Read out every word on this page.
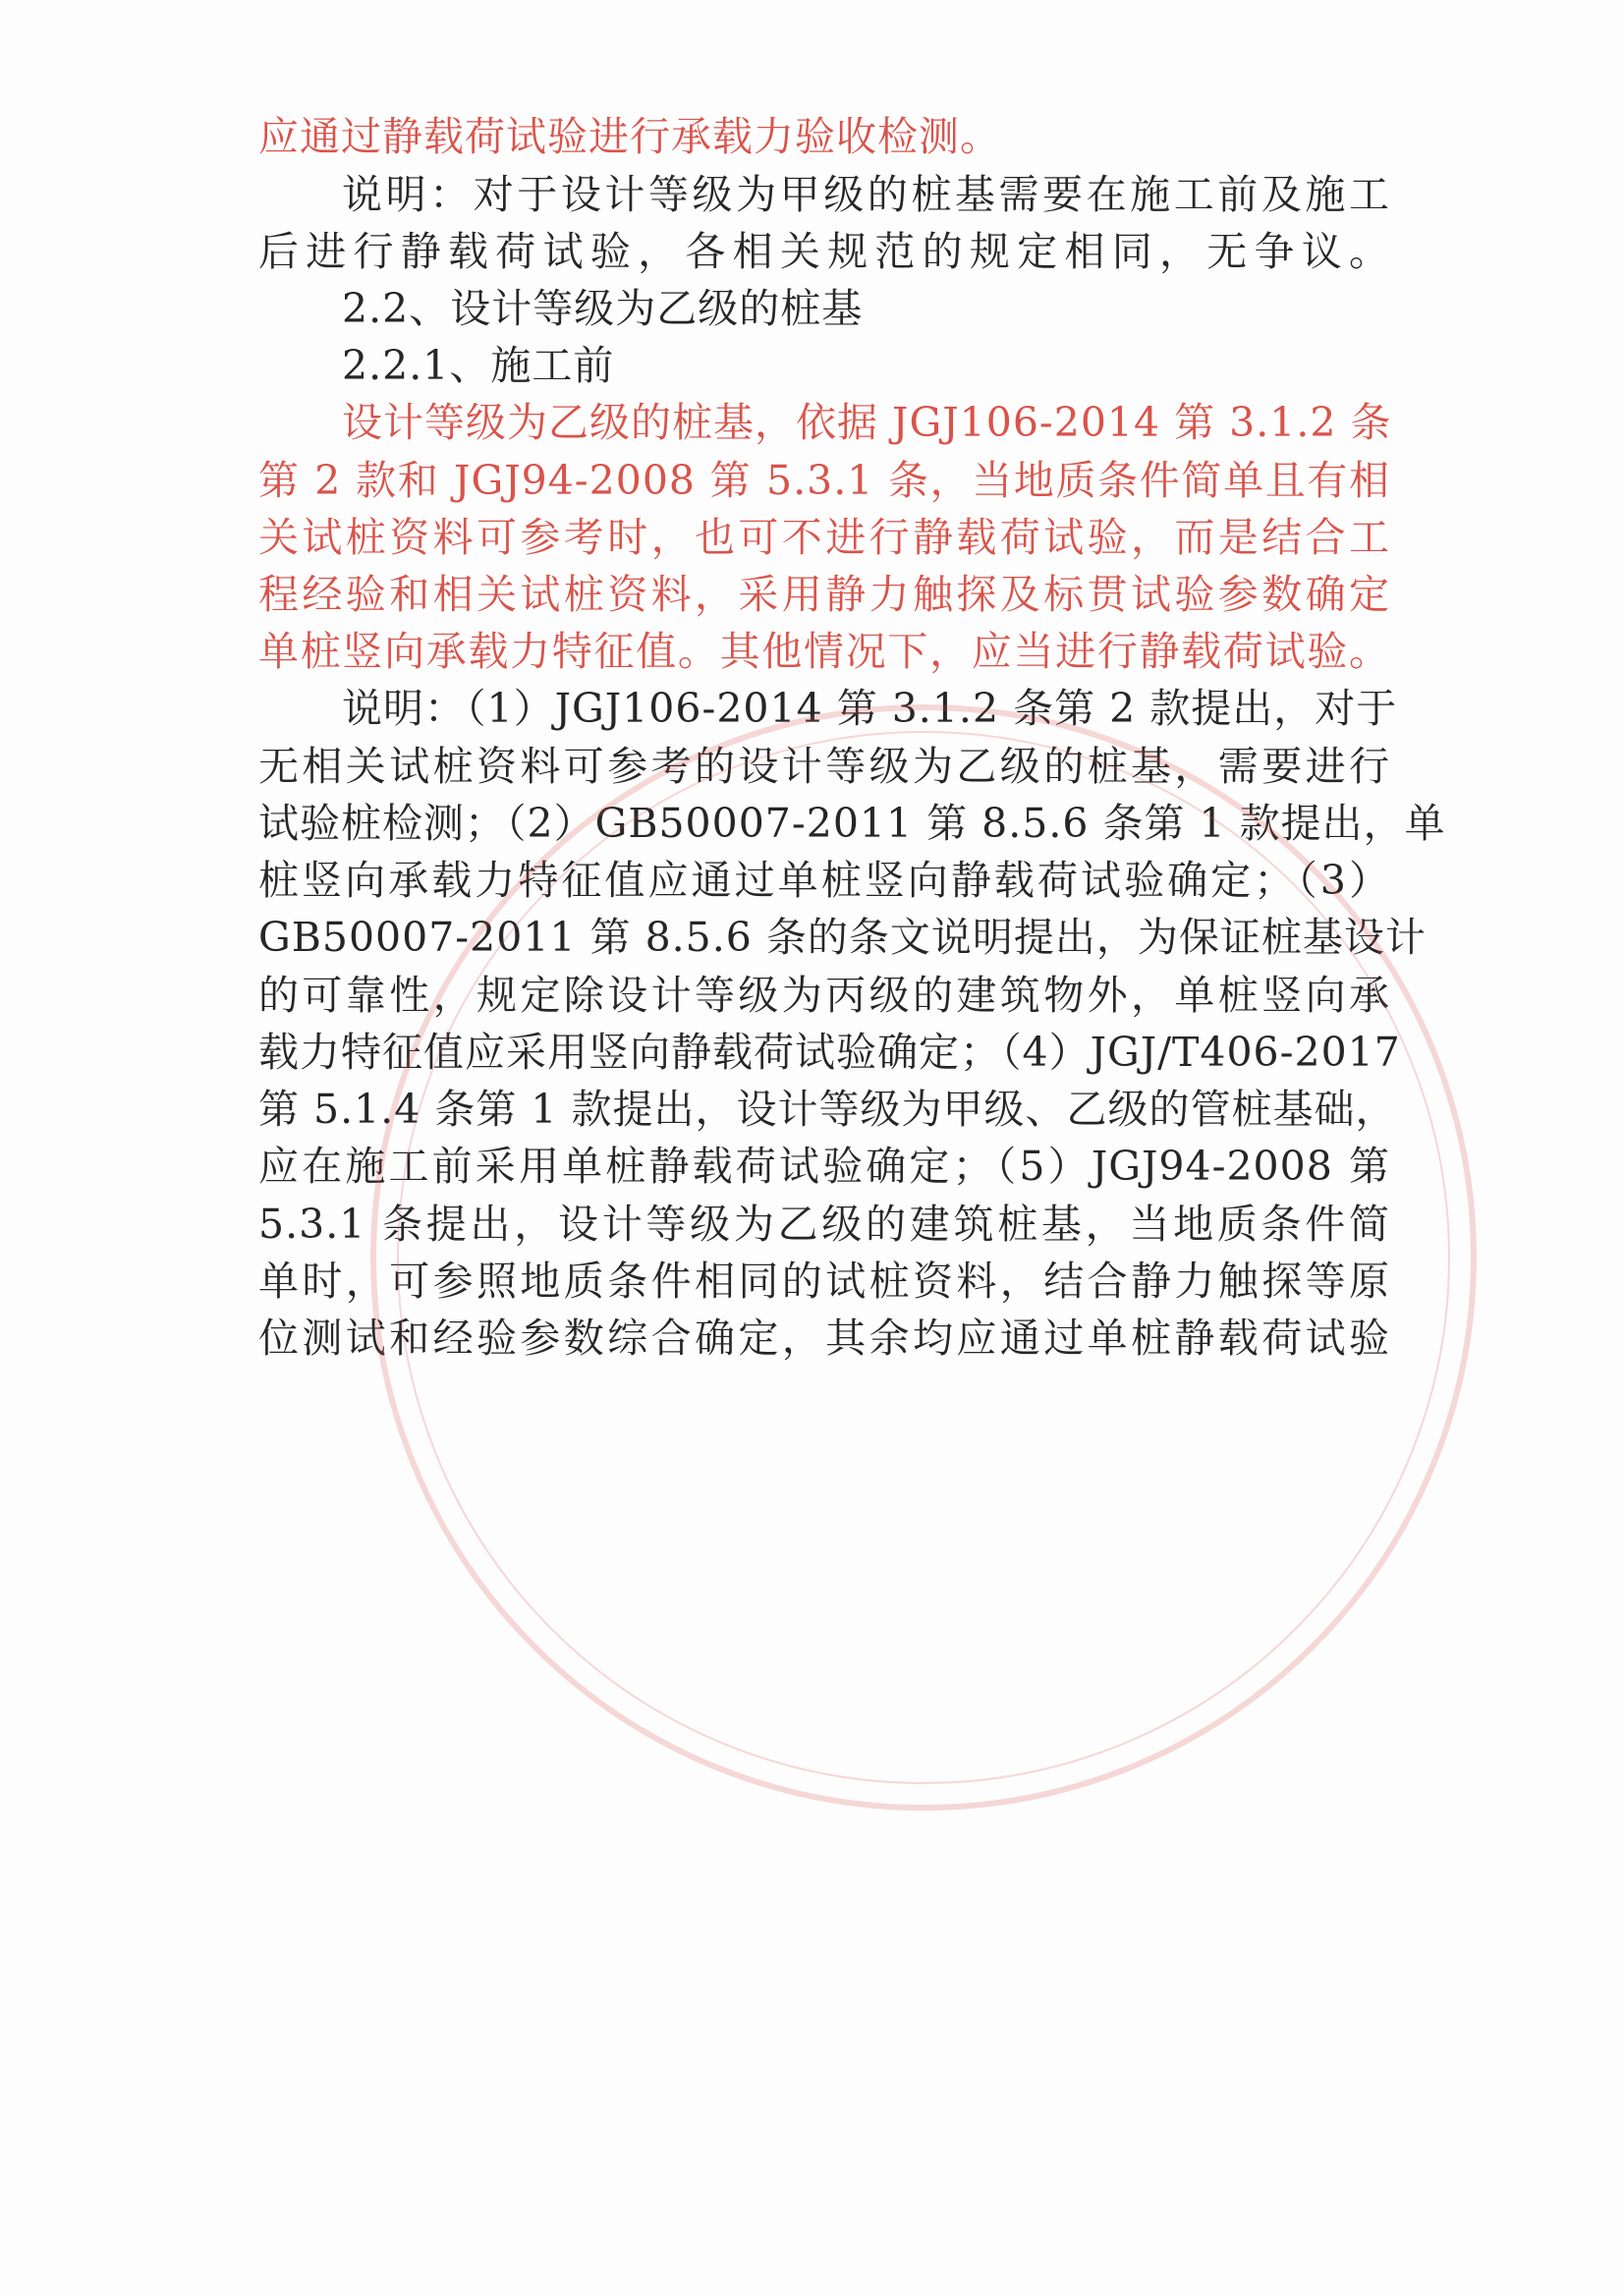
应通过静载荷试验进行承载力验收检测。
说明：对于设计等级为甲级的桩基需要在施工前及施工
后进行静载荷试验，各相关规范的规定相同，无争议。
2.2、设计等级为乙级的桩基
2.2.1、施工前
设计等级为乙级的桩基，依据 JGJ106-2014 第 3.1.2 条
第 2 款和 JGJ94-2008 第 5.3.1 条，当地质条件简单且有相
关试桩资料可参考时，也可不进行静载荷试验，而是结合工
程经验和相关试桩资料，采用静力触探及标贯试验参数确定
单桩竖向承载力特征值。其他情况下，应当进行静载荷试验。
说明：（1）JGJ106-2014 第 3.1.2 条第 2 款提出，对于
无相关试桩资料可参考的设计等级为乙级的桩基，需要进行
试验桩检测；（2）GB50007-2011 第 8.5.6 条第 1 款提出，单
桩竖向承载力特征值应通过单桩竖向静载荷试验确定；（3）
GB50007-2011 第 8.5.6 条的条文说明提出，为保证桩基设计
的可靠性，规定除设计等级为丙级的建筑物外，单桩竖向承
载力特征值应采用竖向静载荷试验确定；（4）JGJ/T406-2017
第 5.1.4 条第 1 款提出，设计等级为甲级、乙级的管桩基础，
应在施工前采用单桩静载荷试验确定；（5）JGJ94-2008 第
5.3.1 条提出，设计等级为乙级的建筑桩基，当地质条件简
单时，可参照地质条件相同的试桩资料，结合静力触探等原
位测试和经验参数综合确定，其余均应通过单桩静载荷试验
